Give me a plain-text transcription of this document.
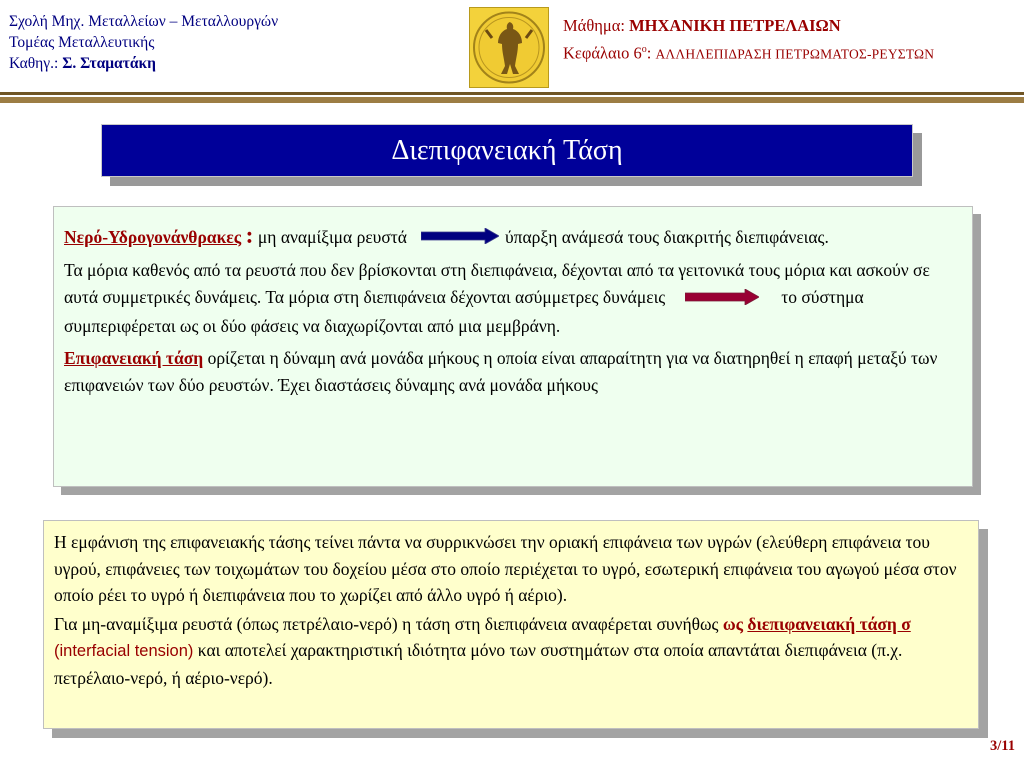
Σχολή Μηχ. Μεταλλείων – Μεταλλουργών
Τομέας Μεταλλευτικής
Καθηγ.: Σ. Σταματάκη
Μάθημα: ΜΗΧΑΝΙΚΗ ΠΕΤΡΕΛΑΙΩΝ
Κεφάλαιο $6^o$: ΑΛΛΗΛΕΠΙΔΡΑΣΗ ΠΕΤΡΩΜΑΤΟΣ-ΡΕΥΣΤΩΝ
Διεπιφανειακή Τάση

Νερό-Υδρογονάνθρακες : μη αναμίξιμα ρευστά	ύπαρξη ανάμεσά τους διακριτής διεπιφάνειας.

Τα μόρια καθενός από τα ρευστά που δεν βρίσκονται στη διεπιφάνεια, δέχονται από τα γειτονικά τους μόρια και ασκούν σε αυτά συμμετρικές δυνάμεις. Τα μόρια στη διεπιφάνεια δέχονται ασύμμετρες δυνάμεις	το σύστημα συμπεριφέρεται ως οι δύο φάσεις να διαχωρίζονται από μια μεμβράνη.

Επιφανειακή τάση ορίζεται η δύναμη ανά μονάδα μήκους η οποία είναι απαραίτητη για να διατηρηθεί η επαφή μεταξύ των επιφανειών των δύο ρευστών. Έχει διαστάσεις δύναμης ανά μονάδα μήκους

Η εμφάνιση της επιφανειακής τάσης τείνει πάντα να συρρικνώσει την οριακή επιφάνεια των υγρών (ελεύθερη επιφάνεια του υγρού, επιφάνειες των τοιχωμάτων του δοχείου μέσα στο οποίο περιέχεται το υγρό, εσωτερική επιφάνεια του αγωγού μέσα στον οποίο ρέει το υγρό ή διεπιφάνεια που το χωρίζει από άλλο υγρό ή αέριο).

Για μη-αναμίξιμα ρευστά (όπως πετρέλαιο-νερό) η τάση στη διεπιφάνεια αναφέρεται συνήθως ως διεπιφανειακή τάση σ (interfacial tension) και αποτελεί χαρακτηριστική ιδιότητα μόνο των συστημάτων στα οποία απαντάται διεπιφάνεια (π.χ. πετρέλαιο-νερό, ή αέριο-νερό).

3/11
